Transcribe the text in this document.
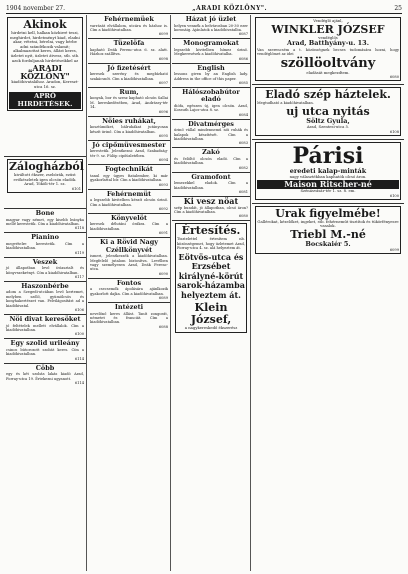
1904 november 27.	„ARADI KÖZLÖNY".	25
Akinok
hirdetni kell, halkan közhirré teszi, meghirdet, hirdetményt kiad, eladni akar, vétetni, bérelni, vagy bérbe adni szándékozik valamit; alkalmazottat keres, állást keres, üzletet nyit, üzletet átvesz, stb. stb. azok forduljanak hirdetéseikkel az
„ARADI KÖZLÖNY"
kiadóhivatalához. Aradon, Kereszt-utca 16. sz.
APRÓ HIRDETÉSEK.
Zálogházból
kiváltott ékszer, zsebórák, ezüst evőkészletek igen olcsón eladók. Arad, Tököli-tér 1. sz.
6101
Bone
magyar vagy német, egy kisebb leányka mellé kerestetik. Cím a kiadóhivatalban.
6118
Pianino
megvételre kerestetik. Cím a kiadóhivatalban.
6119
Veszek
jó állapotban levő íróasztalt és könyvszekrényt. Cím a kiadóhivatalban.
6117
Haszonbérbe
adom a Szegedi-utcában levő kertemet, melyben szőlő, gyümölcsös és konyhakertészet van. Felvilágosítást ad a kiadóhivatal.
6106
Nöi divat keresöket
jó feltételek mellett elvállalok. Cím a kiadóhivatalban.
6100
Egy szolid urileány
csinos bútorozott szobát keres. Cím a kiadóhivatalban.
6114
Cöbb
egy és két szobás lakás kiadó Arad, Forray-utca 19. Értekezni ugyanott.
6114
Fehérnemüek
varrását elvállalom, utcára és házhoz is. Cím a kiadóhivatalban.
6099
Tüzelöfa
kapható Deák Ferenc-utca 6. sz. alatt. Házhoz szállítva.
6098
Jó fizetésért
keresek szerény és megbízható szakácsnőt. Cím a kiadóhivatalban.
6097
Rum,
konyak, bor és szesz kapható olcsón Sallai M. kereskedésében, Arad, Andrássy-tér 14.
6096
Nöies ruhákat,
kosztümöket, bálruhákat jutányosan készít úrinő. Cím a kiadóhivatalban.
6095
Jó cipőmüvesmester
kerestetik. Jelentkezni: Arad, Szabadság-tér 9. sz. Fülöp cipőüzletében.
6094
Fogtechnikát
tanul egy ügyes fiatalember, ki már gyakorlattal bír. Cím a kiadóhivatalban.
6093
Fehérnemüt
a legszebb kivitelben készít olcsón úrinő. Cím a kiadóhivatalban.
6092
Könyvelöt
keresek délutáni órákra. Cím a kiadóhivatalban.
6091
Ki a Rövid Nagy Czéllkönyvét
ismeri, jelentkezzék a kiadóhivatalban. Megfelelő jutalom biztosítva. Levélben vagy személyesen Arad, Deák Ferenc-utca.
6090
Fontos
a csecsemők ápolására ajánlkozik gyakorlott dajka. Cím a kiadóhivatalban.
6089
Intézeti
nevelőnő keres állást. Tanít zongorát, németet és franciát. Cím a kiadóhivatalban.
6088
Házat jó üzlet
helyen vennék a belvárosban 20-30 ezer koronáig. Ajánlatok a kiadóhivatalba.
6087
Monogramokat
legszebb kivitelben hímez úrinő. Megkeresések a kiadóhivatalba.
6086
English
lessons given by an English lady. Address in the office of this paper.
6085
Hálószobabútor eladó
diófa, egészen új, igen olcsón. Arad, Kossuth Lajos-utca 8. sz.
6084
Divatmérges
úrinő vállal mindennemű női ruhák és kalapok készítését. Cím a kiadóhivatalban.
6083
Zakó
és felöltő olcsón eladó. Cím a kiadóhivatalban.
6082
Gramofont
lemezekkel eladok. Cím a kiadóhivatalban.
6081
Ki vesz nöat
szép bundát, jó állapotban, olcsó áron? Cím a kiadóhivatalban.
6080
Értesítés.
Tisztelettel értesítem nb. közönségemet, hogy üzletemet Arad, Forray-utca 4. sz. alá helyeztem át.
Eötvös-utca és Erzsébet királyné-körút sarok-házamba helyeztem át.
Klein József,
a nagykereskedő ékszerész
Vendéglő ajánl,
WINKLER JÓZSEF
vendéglős
Arad, Batthyány-u. 13.
Van szerencsém a t. közönségnek becses tudomására hozni, hogy vendéglőmet az idei
szöllöoltvány
eladását megkezdtem.
6080
Eladó szép háztelek.
Megtudható a kiadóhivatalban.
uj utca nyitás
Söltz Gyula,
Arad, Szentesi-utca 5.
6108
Párisi
eredeti kalap-minták
nagy választékban kaphatók olcsó áron.
Maison Ritscher-né
Szénásvásár-tér 1. sz. 8. em.
6100
Urak figyelmébe!
Gallérokat, kézelőket, ingeket, stb. fehérneműt tisztítok és tükörfényesre vasalok.
Triebl M.-né
Bocskaiér 5.
6099
